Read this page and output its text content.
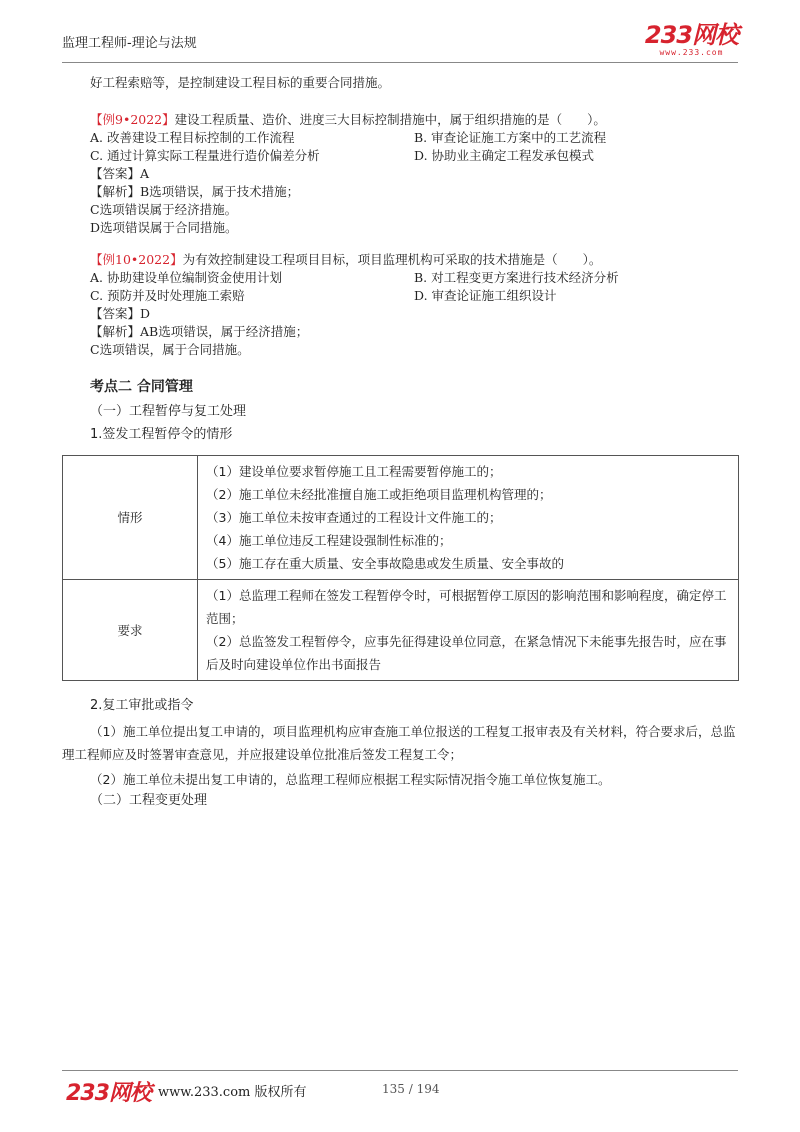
监理工程师-理论与法规	233网校
www.233.com
好工程索赔等，是控制建设工程目标的重要合同措施。
【例9•2022】建设工程质量、造价、进度三大目标控制措施中，属于组织措施的是（　　）。
A. 改善建设工程目标控制的工作流程	B. 审查论证施工方案中的工艺流程
C. 通过计算实际工程量进行造价偏差分析	D. 协助业主确定工程发承包模式
【答案】A
【解析】B选项错误，属于技术措施；
C选项错误属于经济措施。
D选项错误属于合同措施。
【例10•2022】为有效控制建设工程项目目标，项目监理机构可采取的技术措施是（　　）。
A. 协助建设单位编制资金使用计划	B. 对工程变更方案进行技术经济分析
C. 预防并及时处理施工索赔	D. 审查论证施工组织设计
【答案】D
【解析】AB选项错误，属于经济措施；
C选项错误，属于合同措施。
考点二 合同管理
（一）工程暂停与复工处理
1.签发工程暂停令的情形
情形	（1）建设单位要求暂停施工且工程需要暂停施工的；
（2）施工单位未经批准擅自施工或拒绝项目监理机构管理的；
（3）施工单位未按审查通过的工程设计文件施工的；
（4）施工单位违反工程建设强制性标准的；
（5）施工存在重大质量、安全事故隐患或发生质量、安全事故的

要求	（1）总监理工程师在签发工程暂停令时，可根据暂停工原因的影响范围和影响程度，确定停工范围；
（2）总监签发工程暂停令，应事先征得建设单位同意，在紧急情况下未能事先报告时，应在事后及时向建设单位作出书面报告
2.复工审批或指令
（1）施工单位提出复工申请的，项目监理机构应审查施工单位报送的工程复工报审表及有关材料，符合要求后，总监理工程师应及时签署审查意见，并应报建设单位批准后签发工程复工令；
（2）施工单位未提出复工申请的，总监理工程师应根据工程实际情况指令施工单位恢复施工。
（二）工程变更处理
233网校 www.233.com 版权所有	135 / 194
